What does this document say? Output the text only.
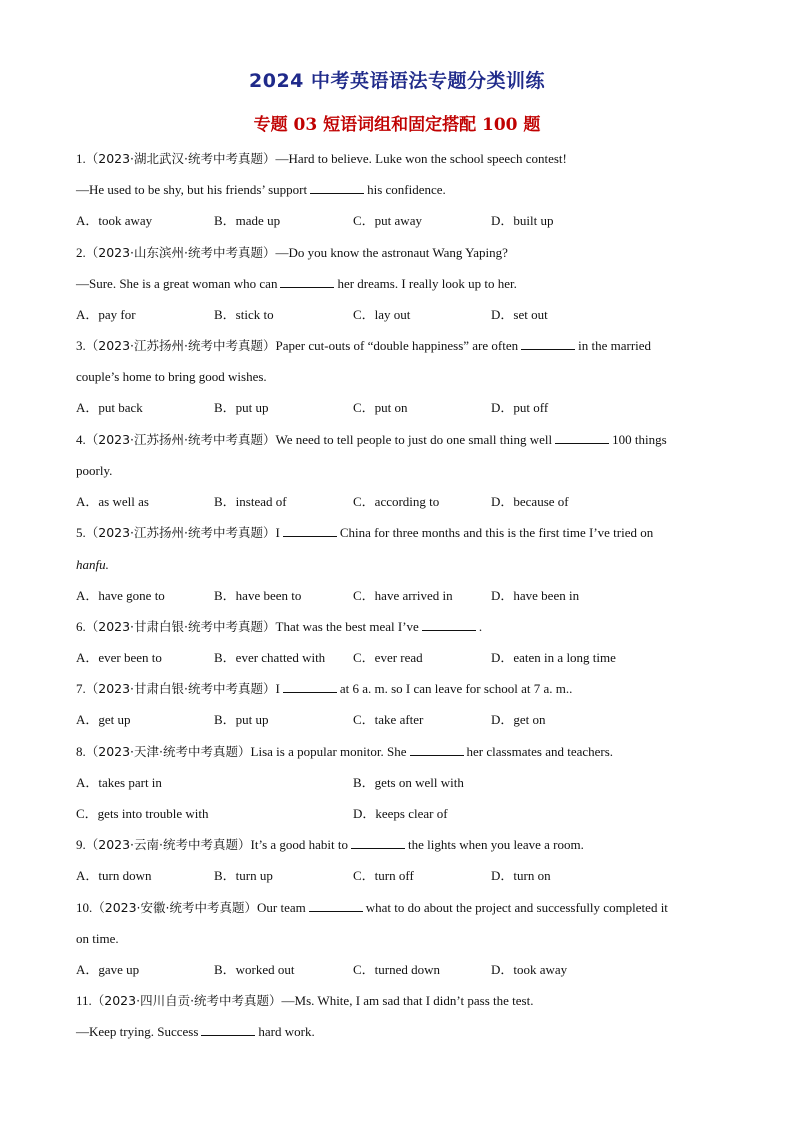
2024 中考英语语法专题分类训练
专题 03 短语词组和固定搭配 100 题
1.（2023·湖北武汉·统考中考真题）—Hard to believe. Luke won the school speech contest!
—He used to be shy, but his friends’ support	his confidence.
A．took away	B．made up	C．put away	D．built up
2.（2023·山东滨州·统考中考真题）—Do you know the astronaut Wang Yaping?
—Sure. She is a great woman who can	her dreams. I really look up to her.
A．pay for	B．stick to	C．lay out	D．set out
3.（2023·江苏扬州·统考中考真题）Paper cut-outs of “double happiness” are often	in the married
couple’s home to bring good wishes.
A．put back	B．put up	C．put on	D．put off
4.（2023·江苏扬州·统考中考真题）We need to tell people to just do one small thing well	100 things
poorly.
A．as well as	B．instead of	C．according to	D．because of
5.（2023·江苏扬州·统考中考真题）I	China for three months and this is the first time I’ve tried on
hanfu.
A．have gone to	B．have been to	C．have arrived in	D．have been in
6.（2023·甘肃白银·统考中考真题）That was the best meal I’ve	.
A．ever been to	B．ever chatted with C．ever read	D．eaten in a long time
7.（2023·甘肃白银·统考中考真题）I	at 6 a. m. so I can leave for school at 7 a. m..
A．get up	B．put up	C．take after	D．get on
8.（2023·天津·统考中考真题）Lisa is a popular monitor. She	her classmates and teachers.
A．takes part in	B．gets on well with
C．gets into trouble with	D．keeps clear of
9.（2023·云南·统考中考真题）It’s a good habit to	the lights when you leave a room.
A．turn down	B．turn up	C．turn off	D．turn on
10.（2023·安徽·统考中考真题）Our team	what to do about the project and successfully completed it
on time.
A．gave up	B．worked out	C．turned down	D．took away
11.（2023·四川自贡·统考中考真题）—Ms. White, I am sad that I didn’t pass the test.
—Keep trying. Success	hard work.
